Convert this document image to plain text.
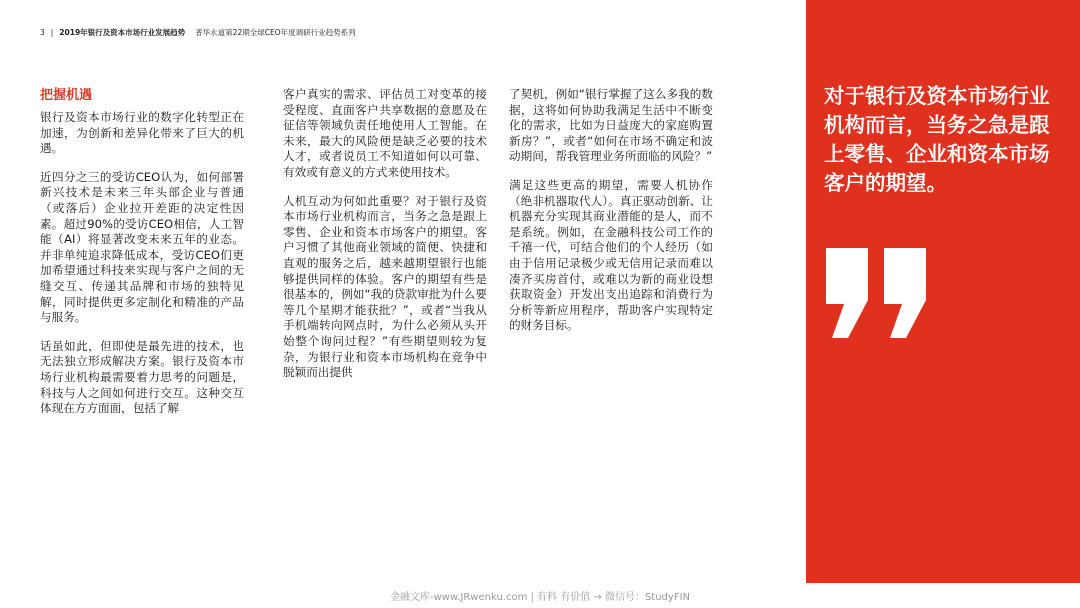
3 | 2019年银行及资本市场行业发展趋势 普华永道第22期全球CEO年度调研行业趋势系列
把握机遇

银行及资本市场行业的数字化转型正在加速，为创新和差异化带来了巨大的机遇。

近四分之三的受访CEO认为，如何部署新兴技术是未来三年头部企业与普通（或落后）企业拉开差距的决定性因素。超过90%的受访CEO相信，人工智能（AI）将显著改变未来五年的业态。并非单纯追求降低成本，受访CEO们更加希望通过科技来实现与客户之间的无缝交互、传递其品牌和市场的独特见解，同时提供更多定制化和精准的产品与服务。

话虽如此，但即使是最先进的技术，也无法独立形成解决方案。银行及资本市场行业机构最需要着力思考的问题是，科技与人之间如何进行交互。这种交互体现在方方面面，包括了解

客户真实的需求、评估员工对变革的接受程度、直面客户共享数据的意愿及在征信等领域负责任地使用人工智能。在未来，最大的风险便是缺乏必要的技术人才，或者说员工不知道如何以可靠、有效或有意义的方式来使用技术。

人机互动为何如此重要？对于银行及资本市场行业机构而言，当务之急是跟上零售、企业和资本市场客户的期望。客户习惯了其他商业领域的简便、快捷和直观的服务之后，越来越期望银行也能够提供同样的体验。客户的期望有些是很基本的，例如“我的贷款审批为什么要等几个星期才能获批？”，或者“当我从手机端转向网点时，为什么必须从头开始整个询问过程？”有些期望则较为复杂，为银行业和资本市场机构在竞争中脱颖而出提供

了契机，例如“银行掌握了这么多我的数据，这将如何协助我满足生活中不断变化的需求，比如为日益庞大的家庭购置新房？”，或者“如何在市场不确定和波动期间，帮我管理业务所面临的风险？”

满足这些更高的期望，需要人机协作（绝非机器取代人）。真正驱动创新、让机器充分实现其商业潜能的是人，而不是系统。例如，在金融科技公司工作的千禧一代，可结合他们的个人经历（如由于信用记录极少或无信用记录而难以凑齐买房首付，或难以为新的商业设想获取资金）开发出支出追踪和消费行为分析等新应用程序，帮助客户实现特定的财务目标。

对于银行及资本市场行业机构而言，当务之急是跟上零售、企业和资本市场客户的期望。

金融文库-www.JRwenku.com | 有料 有价值 → 微信号：StudyFIN
